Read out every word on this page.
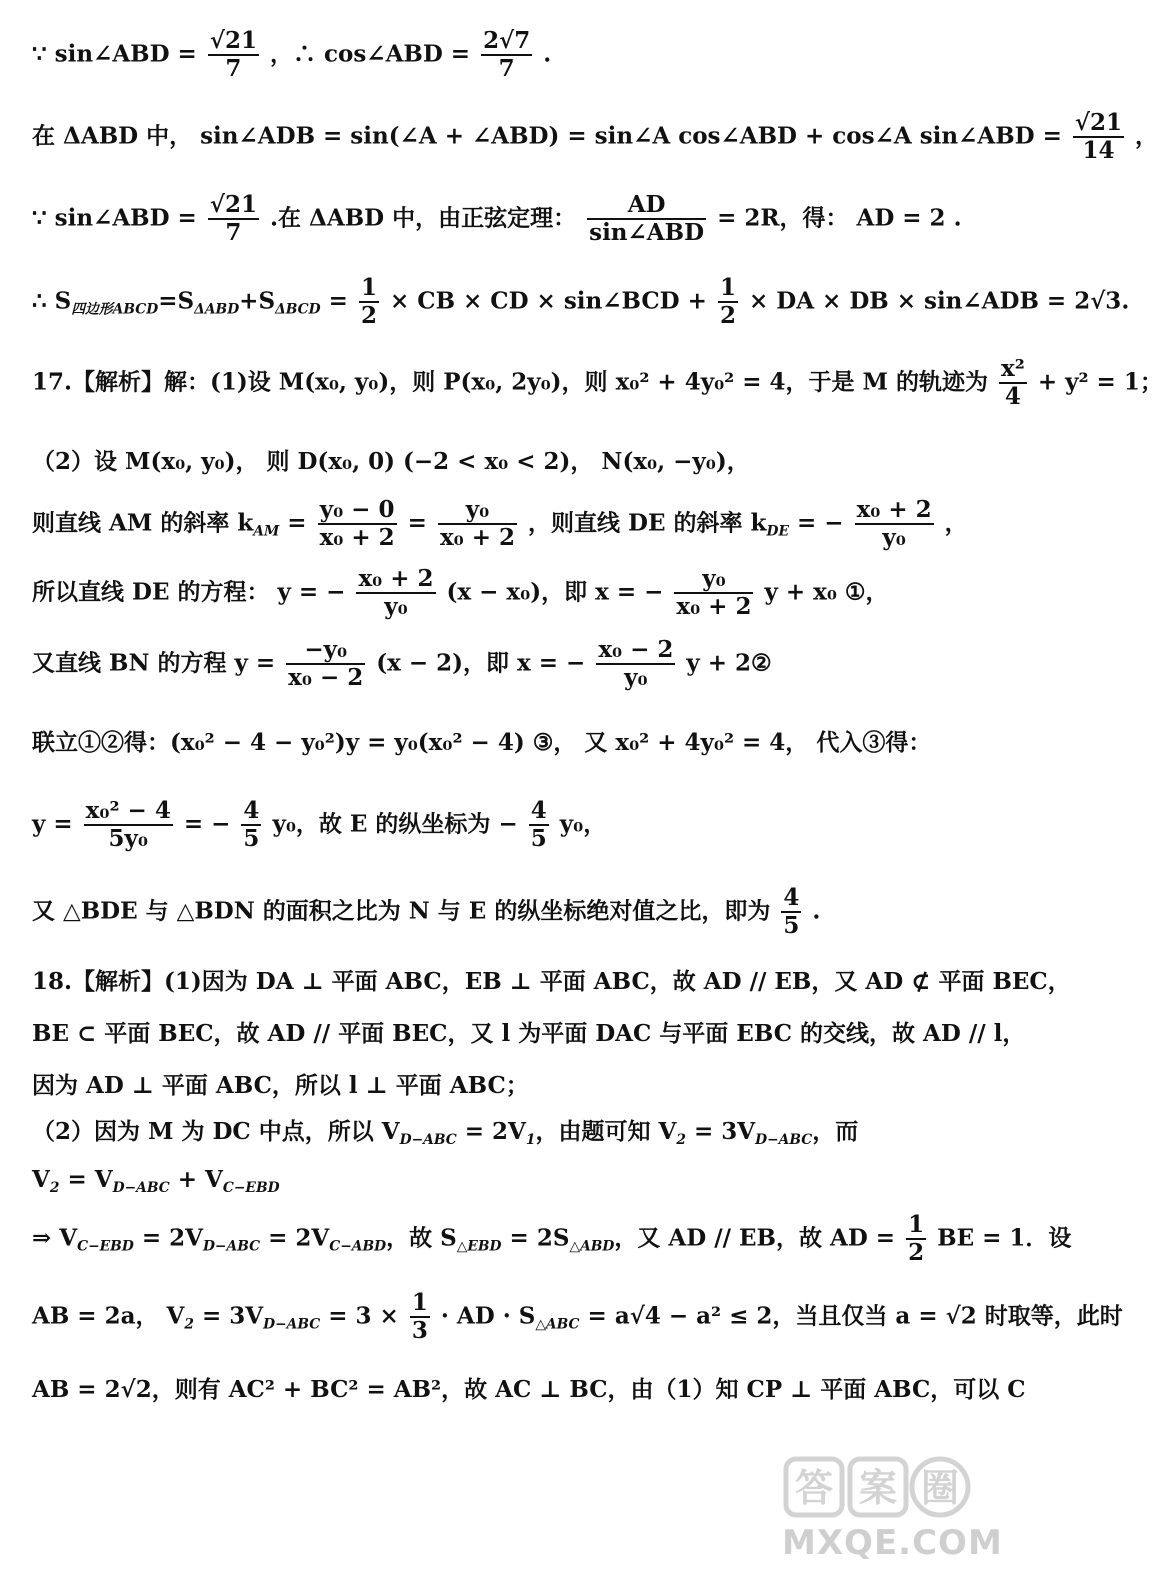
∵ sin∠ABD = $\frac{√21}{7}$ ，∴ cos∠ABD = $\frac{2√7}{7}$ .
在 ΔABD 中， sin∠ADB = sin(∠A + ∠ABD) = sin∠A cos∠ABD + cos∠A sin∠ABD = $\frac{√21}{14}$ ，
∵ sin∠ABD = $\frac{√21}{7}$ .在 ΔABD 中，由正弦定理：	AD
sin∠ABD
= 2R，得： AD = 2 .
∴ $S_{四边形ABCD}=S_{\Delta ABD}+S_{\Delta BCD} = \frac{1}{2}$ × CB × CD × sin∠BCD + $\frac{1}{2}$ × DA × DB × sin∠ADB = 2√3.
17.【解析】解：(1)设 M(x₀, y₀)，则 P(x₀, 2y₀)，则 x₀² + 4y₀² = 4，于是 M 的轨迹为 $\frac{\text{x²}}{4} + y^2 = 1$；
（2）设 M(x₀, y₀)， 则 D(x₀, 0) (−2 < x₀ < 2)， N(x₀, −y₀)，
则直线 AM 的斜率 $k_{AM} = \frac{\text{y₀ − 0}}{\text{x₀ + 2}} = \frac{\text{y₀}}{\text{x₀ + 2}}$ ，则直线 DE 的斜率 $k_{DE}$ = − $\frac{\text{x₀ + 2}}{\text{y₀}}$ ，
所以直线 DE 的方程： y = − $\frac{\text{x₀ + 2}}{\text{y₀}} (x - x_0)$，即 x = − $\frac{\text{y₀}}{\text{x₀ + 2}}$ y + x₀ ①，
又直线 BN 的方程 $y = \frac{\text{−y₀}}{\text{x₀ − 2}} (x - 2)$，即 x = − $\frac{\text{x₀ − 2}}{\text{y₀}}$ y + 2②
联立①②得：(x₀² − 4 − y₀²)y = y₀(x₀² − 4) ③， 又 x₀² + 4y₀² = 4， 代入③得：
$y = \frac{\text{x₀² − 4}}{\text{5y₀}}$ = − $\frac{4}{5} y_0$，故 E 的纵坐标为 − $\frac{4}{5} y_0$，
又 △BDE 与 △BDN 的面积之比为 N 与 E 的纵坐标绝对值之比，即为 $\frac{4}{5}$ .
18.【解析】(1)因为 DA ⊥ 平面 ABC，EB ⊥ 平面 ABC，故 AD // EB，又 AD ⊄ 平面 BEC，
BE ⊂ 平面 BEC，故 AD // 平面 BEC，又 l 为平面 DAC 与平面 EBC 的交线，故 AD // l，
因为 AD ⊥ 平面 ABC，所以 l ⊥ 平面 ABC；
（2）因为 M 为 DC 中点，所以 $V_{D-ABC} = 2V_1$，由题可知 $V_2 = 3V_{D-ABC}$，而
$V_2 = V_{D-ABC} + V_{C-EBD}$
⇒ $V_{C-EBD} = 2V_{D-ABC} = 2V_{C-ABD}$，故 $S_{\triangle EBD} = 2S_{\triangle ABD}$，又 AD // EB，故 AD = $\frac{1}{2}$ BE = 1．设
AB = 2a， $V_2 = 3V_{D-ABC} = 3 \times \frac{1}{3}$ · AD · $S_{\triangle ABC} = a√4 - a^2 \le 2$，当且仅当 a = √2 时取等，此时
AB = 2√2，则有 AC² + BC² = AB²，故 AC ⊥ BC，由（1）知 CP ⊥ 平面 ABC，可以 C
答 案 圈
MXQE.COM
